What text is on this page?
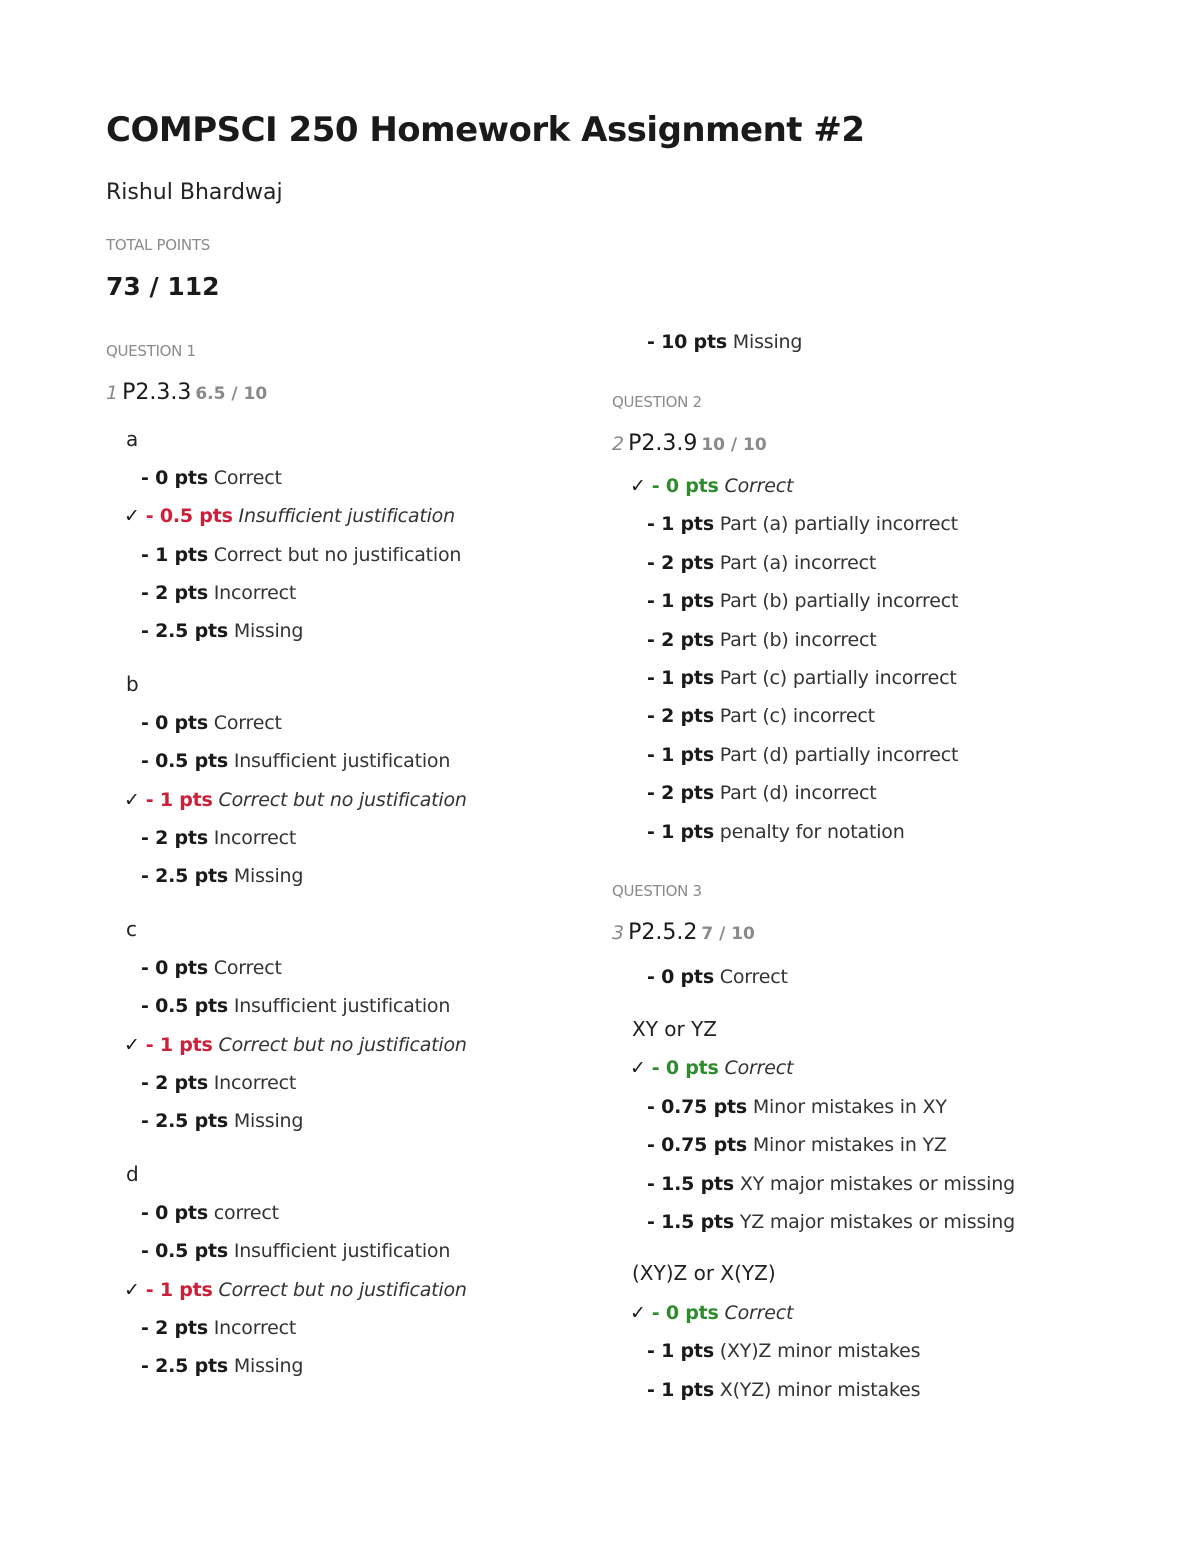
COMPSCI 250 Homework Assignment #2
Rishul Bhardwaj
TOTAL POINTS
73 / 112
QUESTION 1
1 P2.3.3 6.5 / 10
a
- 0 pts Correct
✓ - 0.5 pts Insufficient justification
- 1 pts Correct but no justification
- 2 pts Incorrect
- 2.5 pts Missing
b
- 0 pts Correct
- 0.5 pts Insufficient justification
✓ - 1 pts Correct but no justification
- 2 pts Incorrect
- 2.5 pts Missing
c
- 0 pts Correct
- 0.5 pts Insufficient justification
✓ - 1 pts Correct but no justification
- 2 pts Incorrect
- 2.5 pts Missing
d
- 0 pts correct
- 0.5 pts Insufficient justification
✓ - 1 pts Correct but no justification
- 2 pts Incorrect
- 2.5 pts Missing
- 10 pts Missing
QUESTION 2
2 P2.3.9 10 / 10
✓ - 0 pts Correct
- 1 pts Part (a) partially incorrect
- 2 pts Part (a) incorrect
- 1 pts Part (b) partially incorrect
- 2 pts Part (b) incorrect
- 1 pts Part (c) partially incorrect
- 2 pts Part (c) incorrect
- 1 pts Part (d) partially incorrect
- 2 pts Part (d) incorrect
- 1 pts penalty for notation
QUESTION 3
3 P2.5.2 7 / 10
- 0 pts Correct
XY or YZ
✓ - 0 pts Correct
- 0.75 pts Minor mistakes in XY
- 0.75 pts Minor mistakes in YZ
- 1.5 pts XY major mistakes or missing
- 1.5 pts YZ major mistakes or missing
(XY)Z or X(YZ)
✓ - 0 pts Correct
- 1 pts (XY)Z minor mistakes
- 1 pts X(YZ) minor mistakes
